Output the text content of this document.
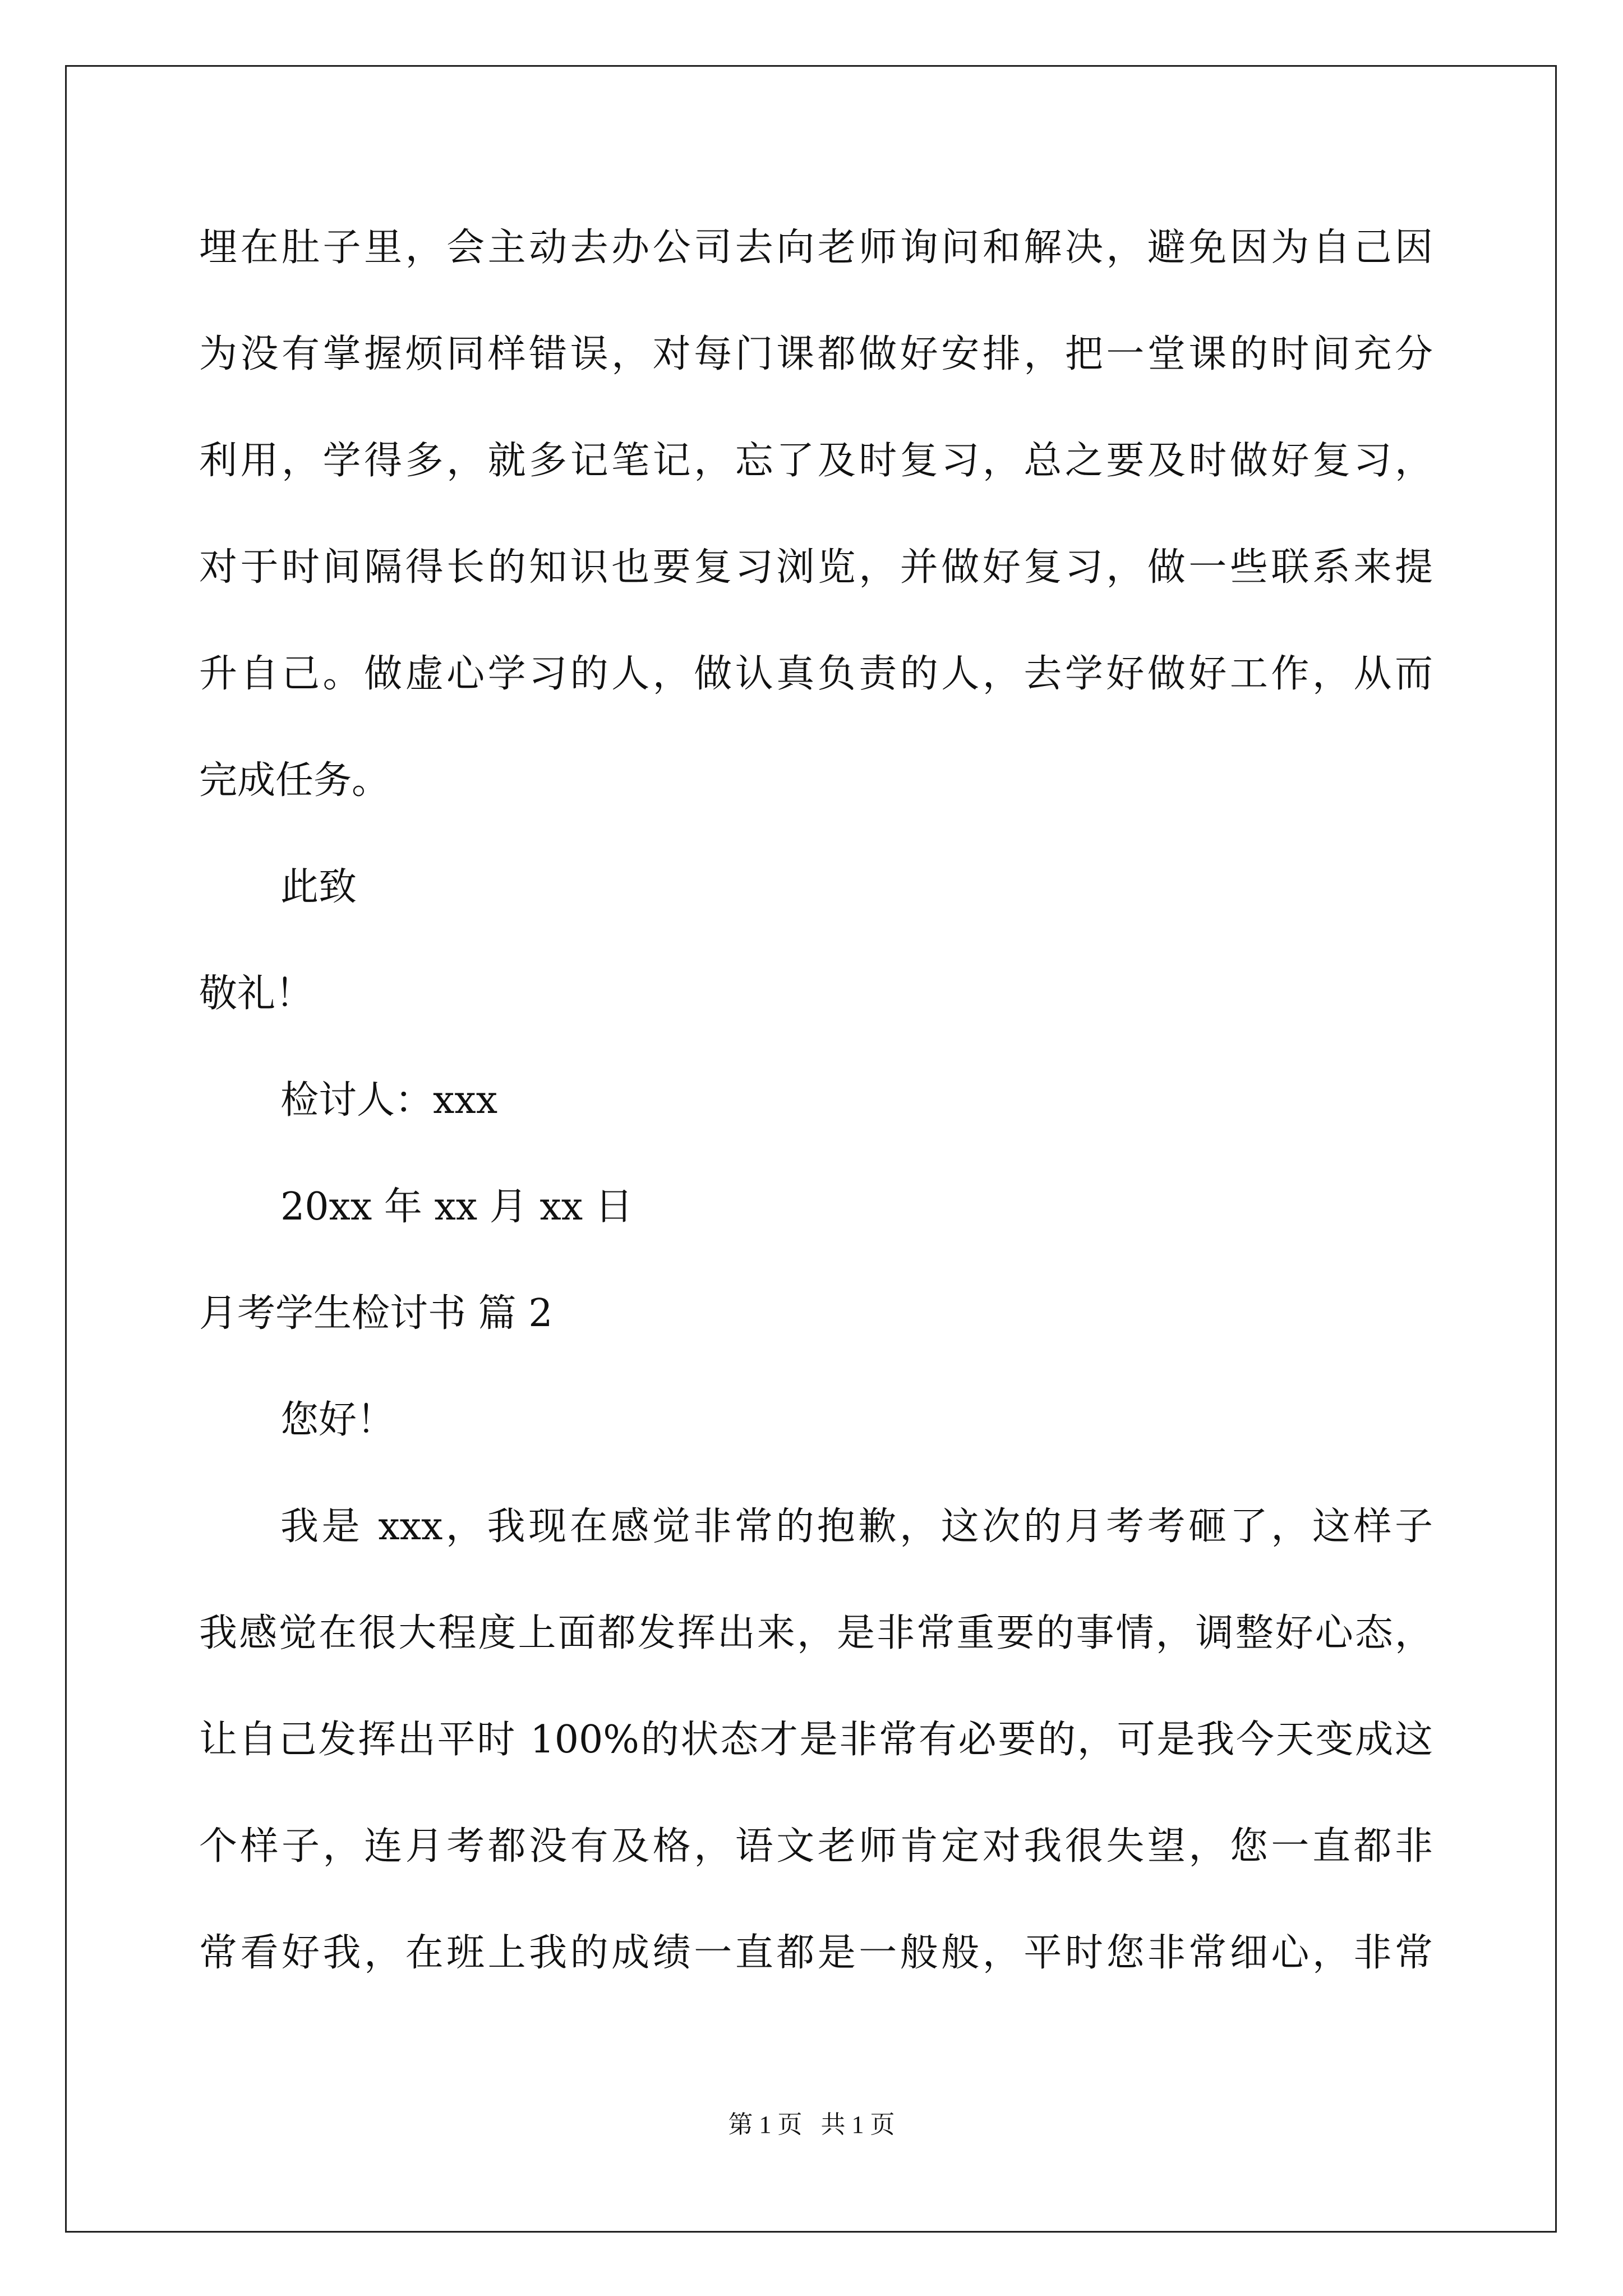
埋在肚子里，会主动去办公司去向老师询问和解决，避免因为自己因
为没有掌握烦同样错误，对每门课都做好安排，把一堂课的时间充分
利用，学得多，就多记笔记，忘了及时复习，总之要及时做好复习，
对于时间隔得长的知识也要复习浏览，并做好复习，做一些联系来提
升自己。做虚心学习的人，做认真负责的人，去学好做好工作，从而
完成任务。
此致
敬礼！
检讨人：xxx
20xx 年 xx 月 xx 日
月考学生检讨书 篇 2
您好！
我是 xxx，我现在感觉非常的抱歉，这次的月考考砸了，这样子
我感觉在很大程度上面都发挥出来，是非常重要的事情，调整好心态，
让自己发挥出平时 100%的状态才是非常有必要的，可是我今天变成这
个样子，连月考都没有及格，语文老师肯定对我很失望，您一直都非
常看好我，在班上我的成绩一直都是一般般，平时您非常细心，非常
第 1 页   共 1 页
